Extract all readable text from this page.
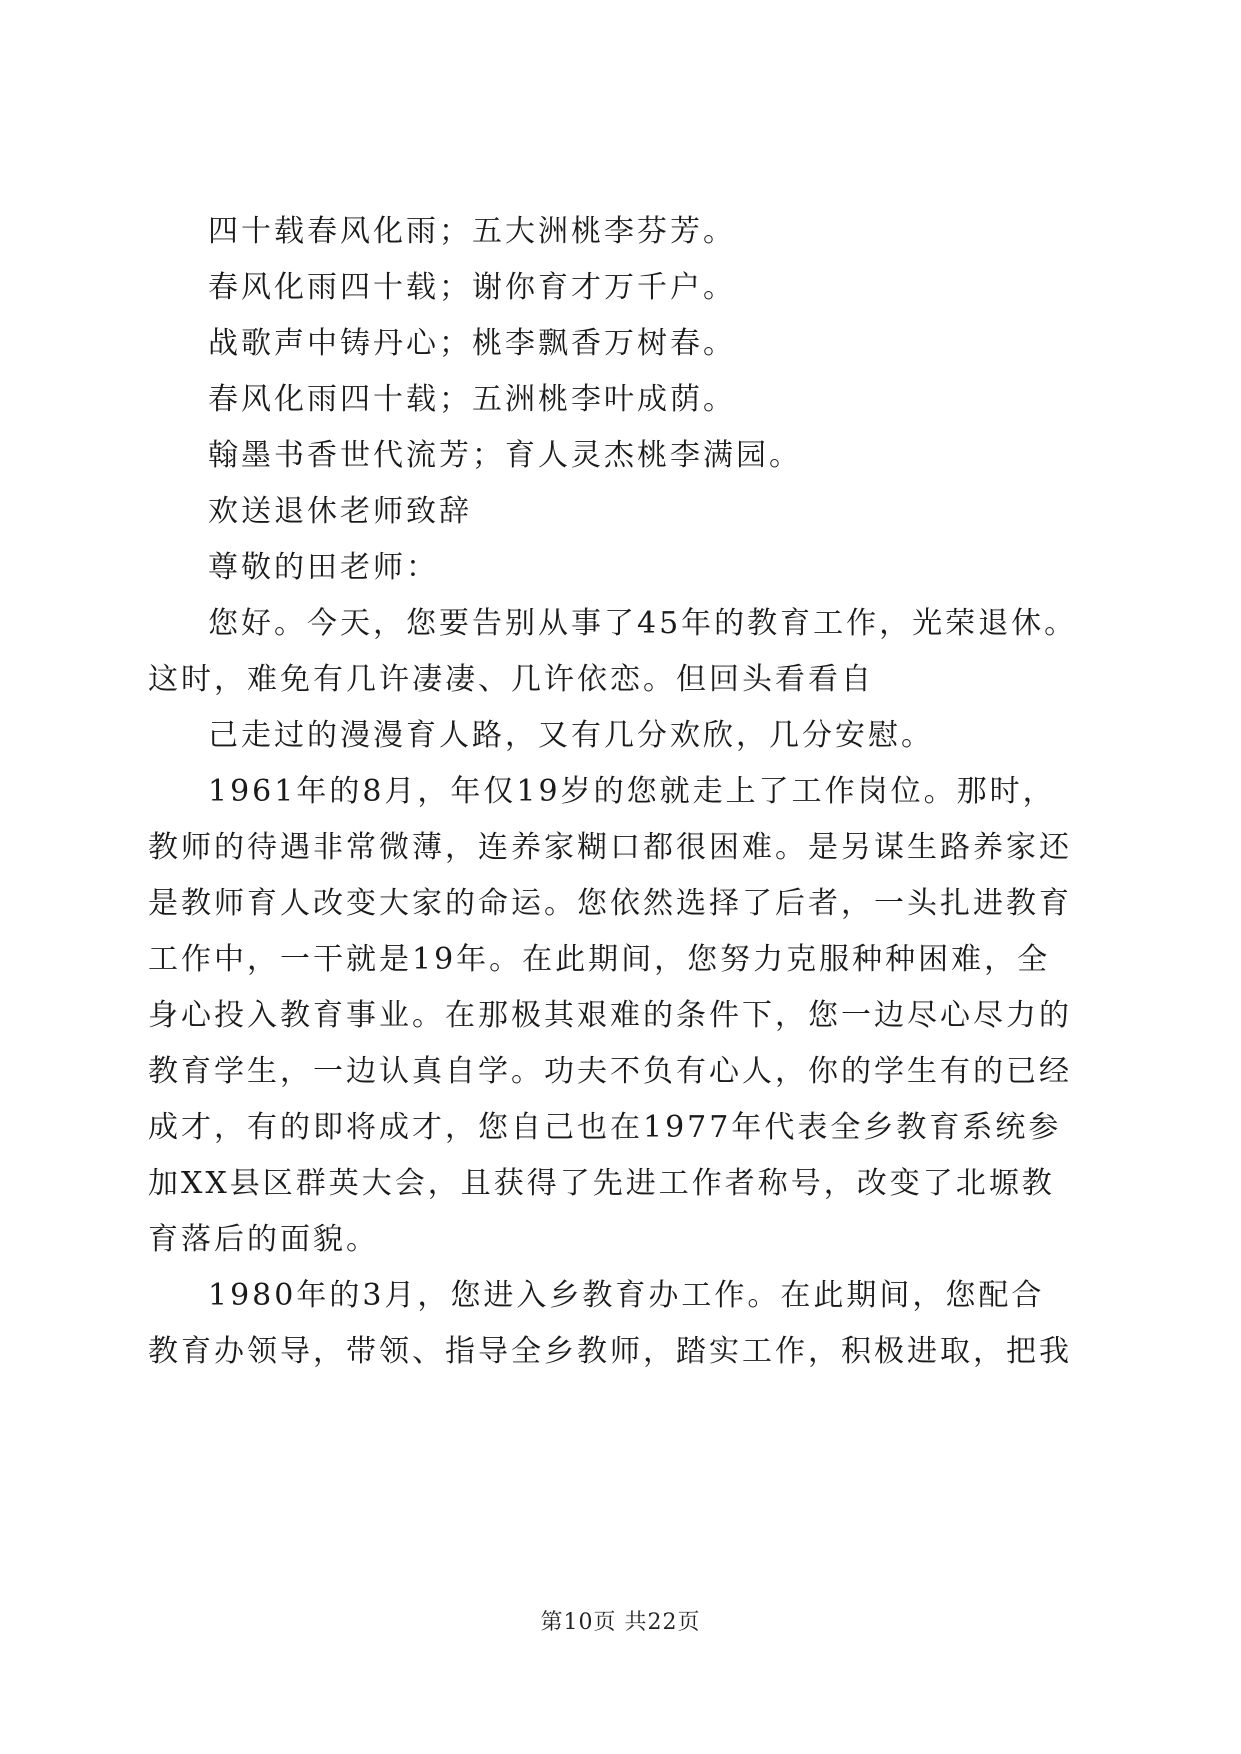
四十载春风化雨；五大洲桃李芬芳。
春风化雨四十载；谢你育才万千户。
战歌声中铸丹心；桃李飘香万树春。
春风化雨四十载；五洲桃李叶成荫。
翰墨书香世代流芳；育人灵杰桃李满园。
欢送退休老师致辞
尊敬的田老师：
您好。今天，您要告别从事了45年的教育工作，光荣退休。
这时，难免有几许凄凄、几许依恋。但回头看看自
己走过的漫漫育人路，又有几分欢欣，几分安慰。
1961年的8月，年仅19岁的您就走上了工作岗位。那时，
教师的待遇非常微薄，连养家糊口都很困难。是另谋生路养家还
是教师育人改变大家的命运。您依然选择了后者，一头扎进教育
工作中，一干就是19年。在此期间，您努力克服种种困难，全
身心投入教育事业。在那极其艰难的条件下，您一边尽心尽力的
教育学生，一边认真自学。功夫不负有心人，你的学生有的已经
成才，有的即将成才，您自己也在1977年代表全乡教育系统参
加XX县区群英大会，且获得了先进工作者称号，改变了北塬教
育落后的面貌。
1980年的3月，您进入乡教育办工作。在此期间，您配合
教育办领导，带领、指导全乡教师，踏实工作，积极进取，把我
第10页 共22页
